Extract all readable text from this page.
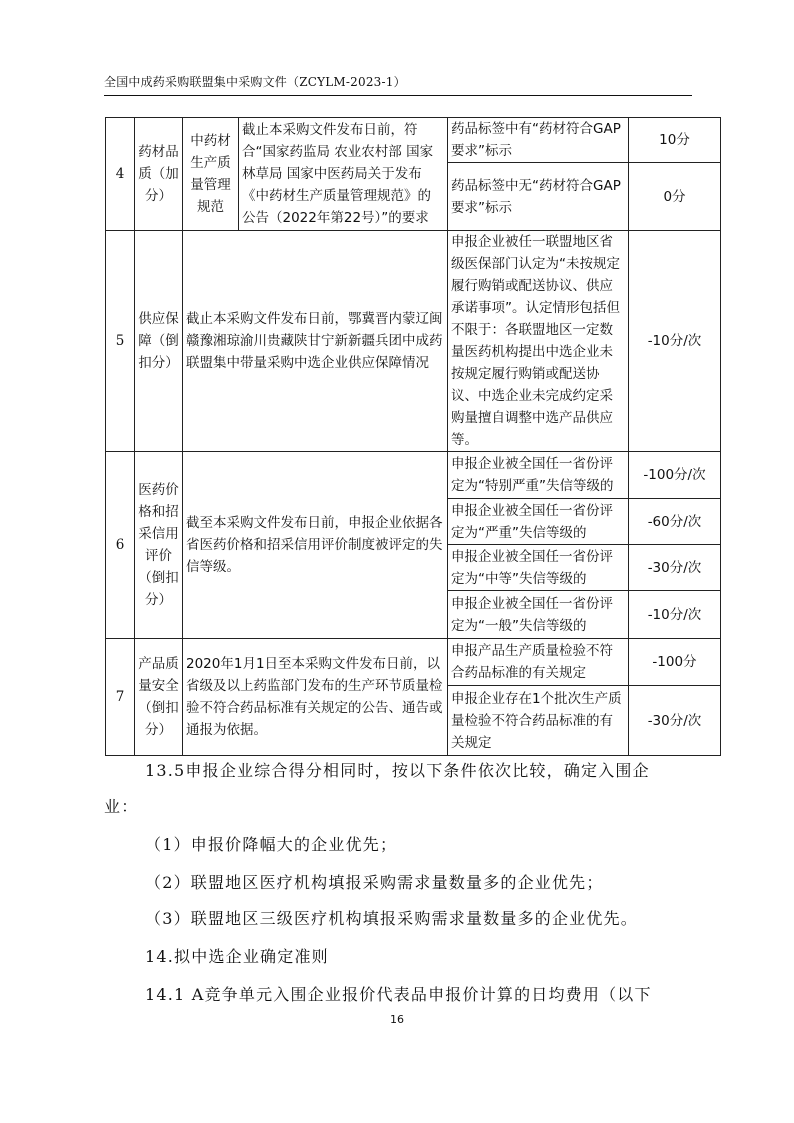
全国中成药采购联盟集中采购文件（ZCYLM-2023-1）
4	药材品质（加分）	中药材生产质量管理规范	截止本采购文件发布日前，符合“国家药监局 农业农村部 国家林草局 国家中医药局关于发布《中药材生产质量管理规范》的公告（2022年第22号）”的要求	药品标签中有“药材符合GAP要求”标示	10分
				药品标签中无“药材符合GAP要求”标示	0分
5	供应保障（倒扣分）	截止本采购文件发布日前，鄂冀晋内蒙辽闽赣豫湘琼渝川贵藏陕甘宁新新疆兵团中成药联盟集中带量采购中选企业供应保障情况		申报企业被任一联盟地区省级医保部门认定为“未按规定履行购销或配送协议、供应承诺事项”。认定情形包括但不限于：各联盟地区一定数量医药机构提出中选企业未按规定履行购销或配送协议、中选企业未完成约定采购量擅自调整中选产品供应等。	-10分/次
6	医药价格和招采信用评价（倒扣分）	截至本采购文件发布日前，申报企业依据各省医药价格和招采信用评价制度被评定的失信等级。		申报企业被全国任一省份评定为“特别严重”失信等级的	-100分/次
				申报企业被全国任一省份评定为“严重”失信等级的	-60分/次
				申报企业被全国任一省份评定为“中等”失信等级的	-30分/次
				申报企业被全国任一省份评定为“一般”失信等级的	-10分/次
7	产品质量安全（倒扣分）	2020年1月1日至本采购文件发布日前，以省级及以上药监部门发布的生产环节质量检验不符合药品标准有关规定的公告、通告或通报为依据。		申报产品生产质量检验不符合药品标准的有关规定	-100分
				申报企业存在1个批次生产质量检验不符合药品标准的有关规定	-30分/次
13.5申报企业综合得分相同时，按以下条件依次比较，确定入围企
业：
（1）申报价降幅大的企业优先；
（2）联盟地区医疗机构填报采购需求量数量多的企业优先；
（3）联盟地区三级医疗机构填报采购需求量数量多的企业优先。
14.拟中选企业确定准则
14.1 A竞争单元入围企业报价代表品申报价计算的日均费用（以下
16
